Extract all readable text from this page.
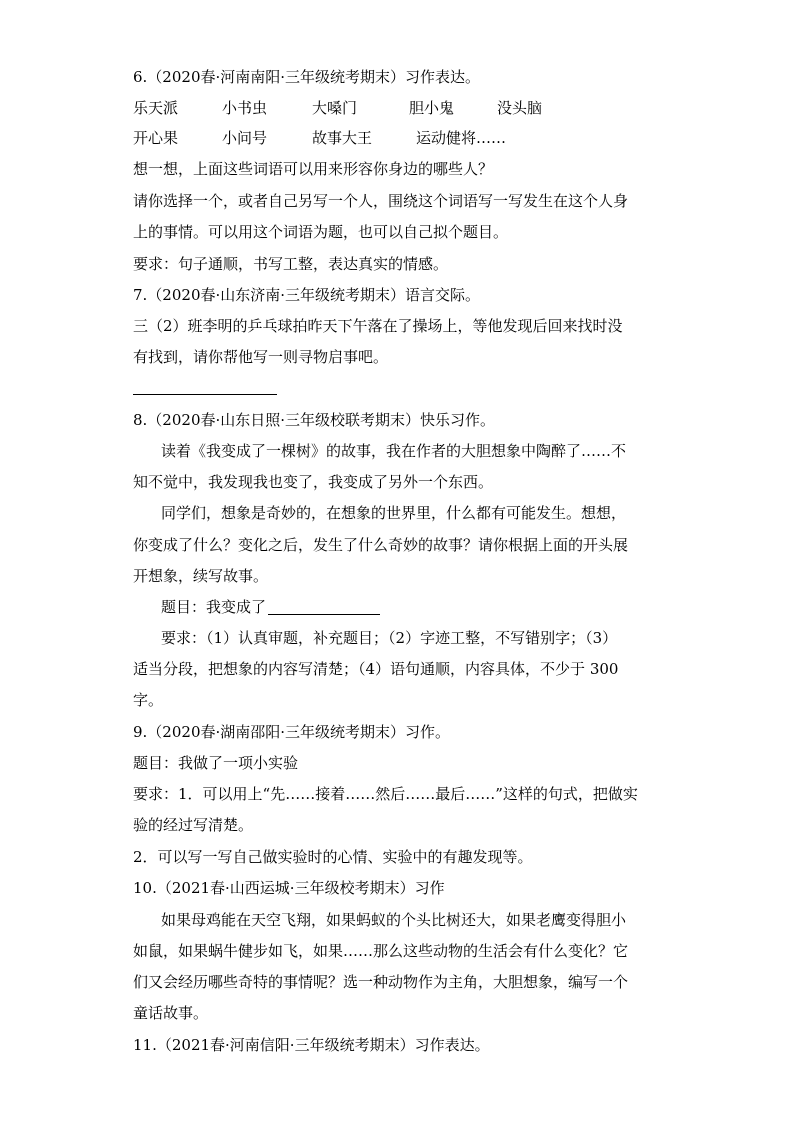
6.（2020春·河南南阳·三年级统考期末）习作表达。
乐天派	小书虫	大嗓门	胆小鬼	没头脑
开心果	小问号	故事大王	运动健将……
想一想，上面这些词语可以用来形容你身边的哪些人？
请你选择一个，或者自己另写一个人，围绕这个词语写一写发生在这个人身
上的事情。可以用这个词语为题，也可以自己拟个题目。
要求：句子通顺，书写工整，表达真实的情感。
7.（2020春·山东济南·三年级统考期末）语言交际。
三（2）班李明的乒乓球拍昨天下午落在了操场上，等他发现后回来找时没
有找到，请你帮他写一则寻物启事吧。
8.（2020春·山东日照·三年级校联考期末）快乐习作。
读着《我变成了一棵树》的故事，我在作者的大胆想象中陶醉了……不
知不觉中，我发现我也变了，我变成了另外一个东西。
同学们，想象是奇妙的，在想象的世界里，什么都有可能发生。想想，
你变成了什么？变化之后，发生了什么奇妙的故事？请你根据上面的开头展
开想象，续写故事。
题目：我变成了
要求：（1）认真审题，补充题目；（2）字迹工整，不写错别字；（3）
适当分段，把想象的内容写清楚；（4）语句通顺，内容具体，不少于 300
字。
9.（2020春·湖南邵阳·三年级统考期末）习作。
题目：我做了一项小实验
要求：1．可以用上“先……接着……然后……最后……”这样的句式，把做实
验的经过写清楚。
2．可以写一写自己做实验时的心情、实验中的有趣发现等。
10.（2021春·山西运城·三年级校考期末）习作
如果母鸡能在天空飞翔，如果蚂蚁的个头比树还大，如果老鹰变得胆小
如鼠，如果蜗牛健步如飞，如果……那么这些动物的生活会有什么变化？它
们又会经历哪些奇特的事情呢？选一种动物作为主角，大胆想象，编写一个
童话故事。
11.（2021春·河南信阳·三年级统考期末）习作表达。
